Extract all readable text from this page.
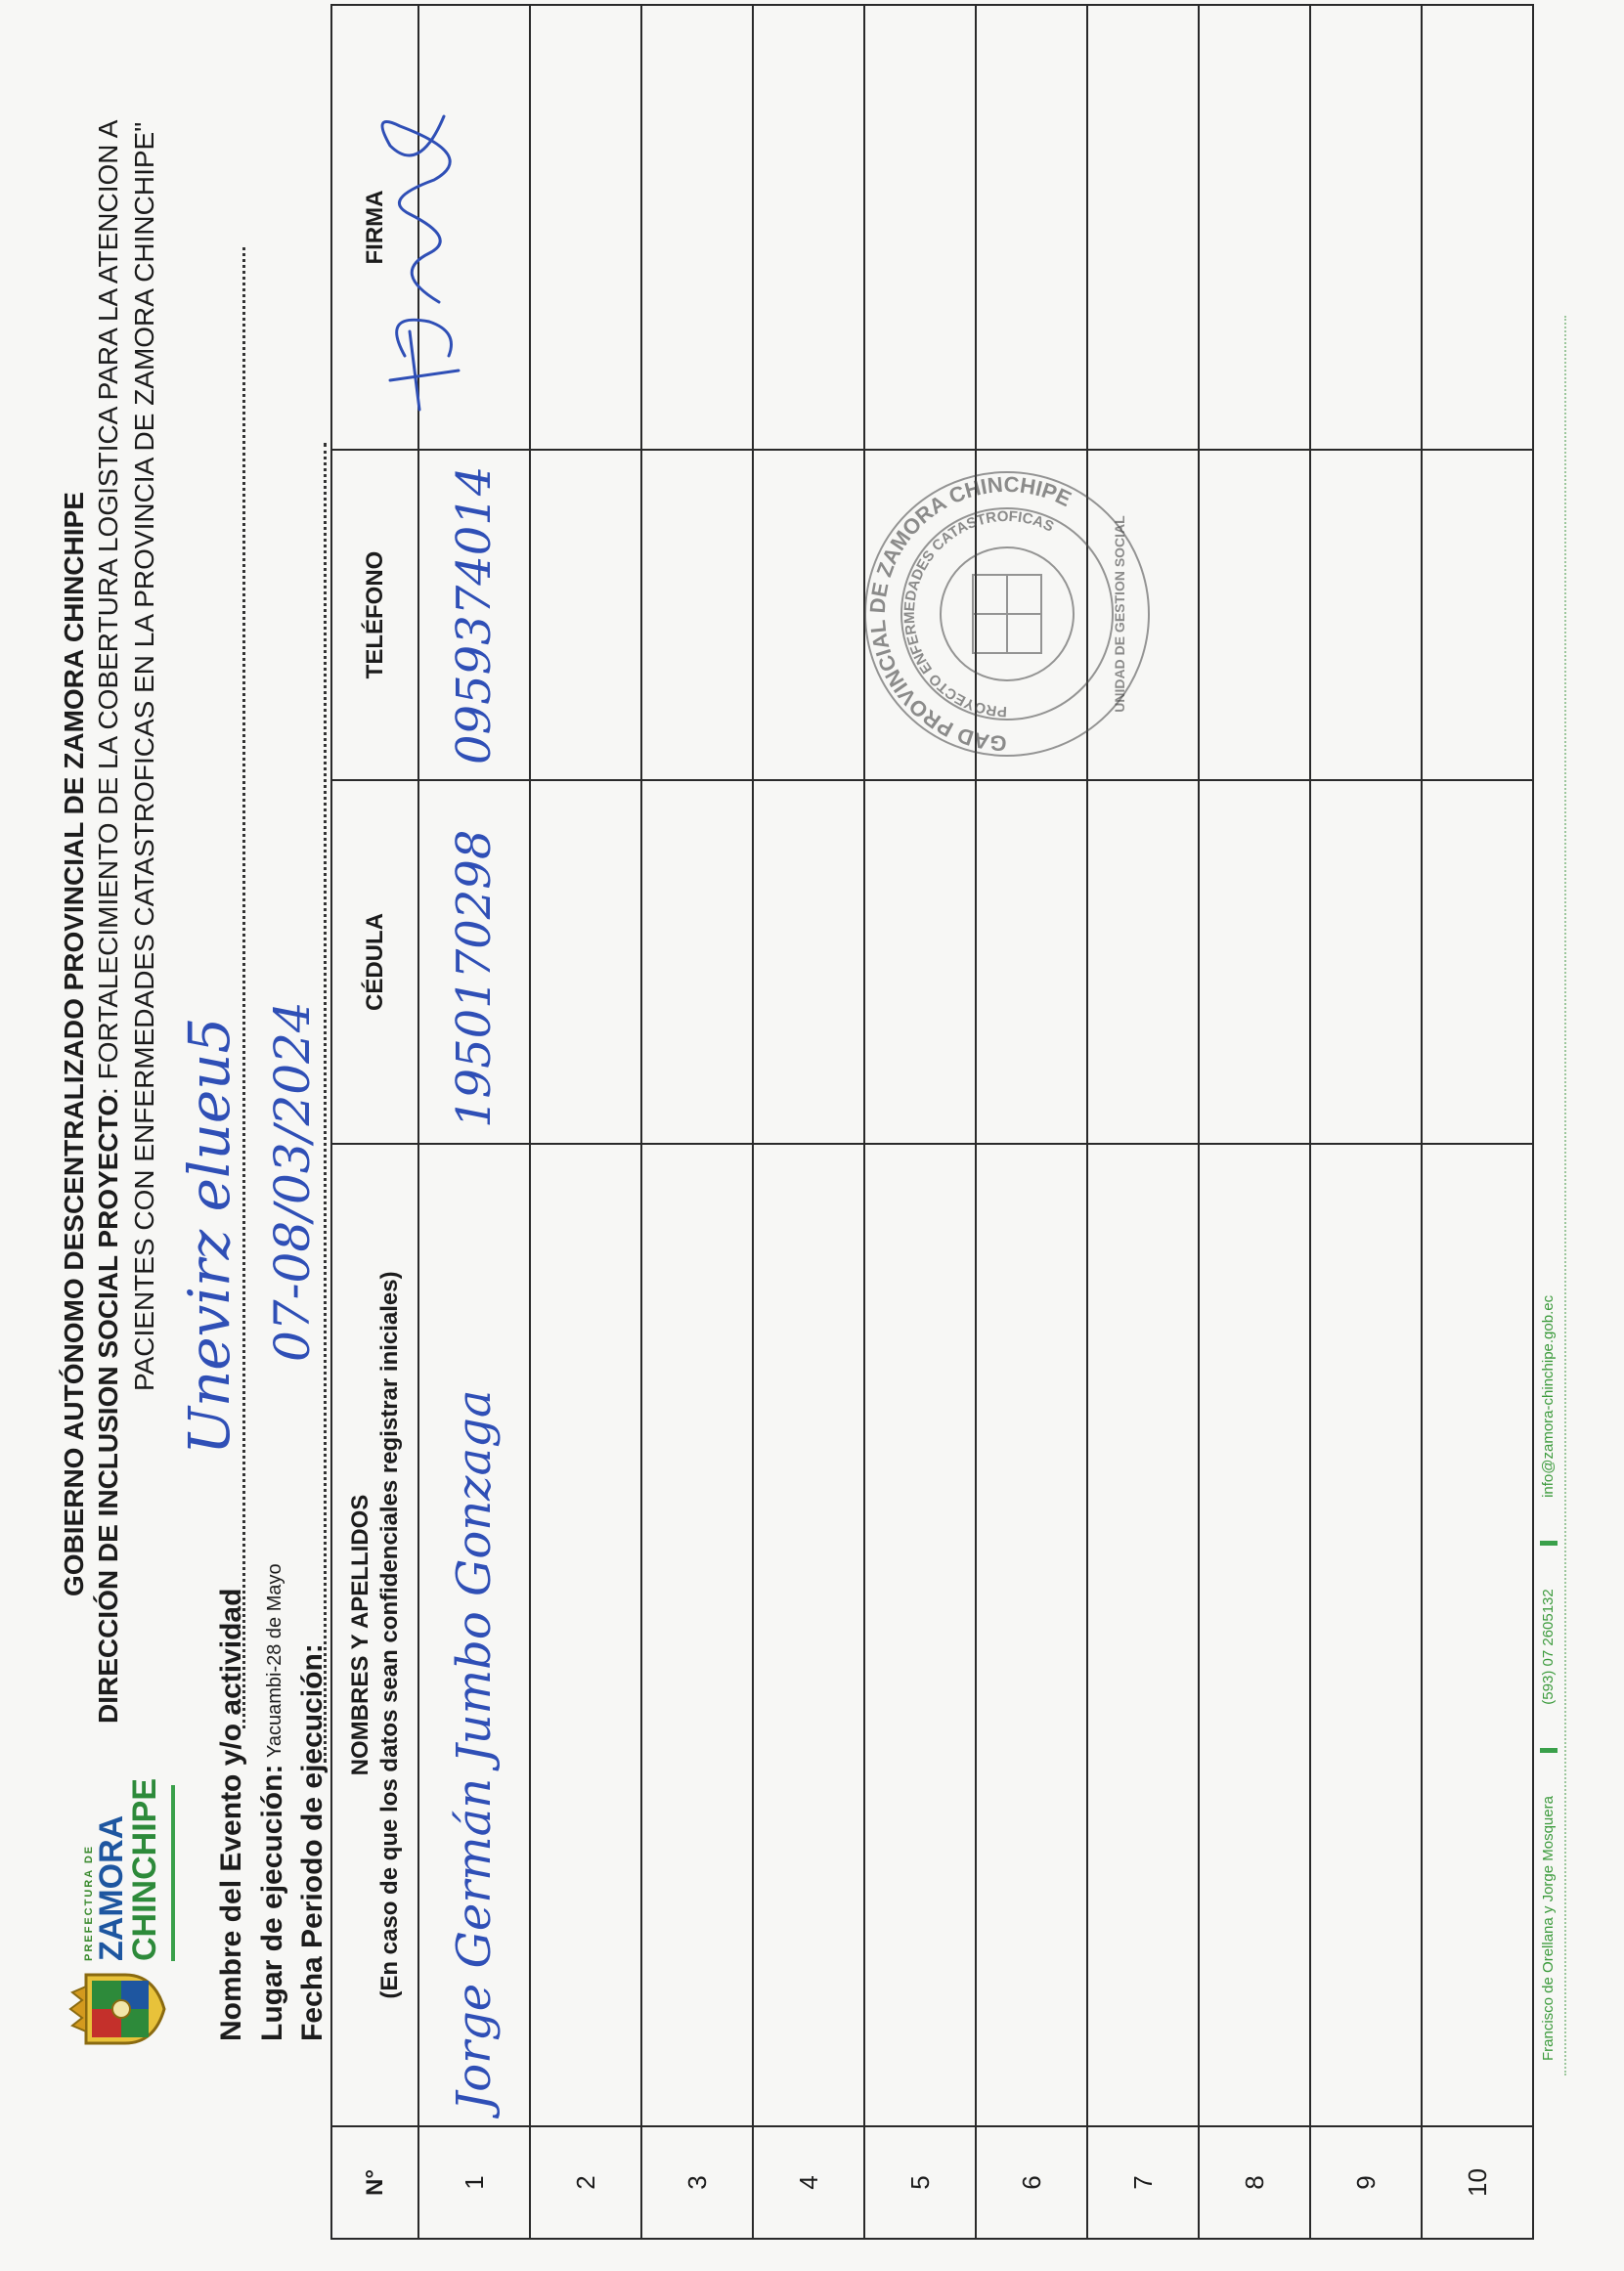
PREFECTURA DE
ZAMORA
CHINCHIPE
GOBIERNO AUTÓNOMO DESCENTRALIZADO PROVINCIAL DE ZAMORA CHINCHIPE DIRECCIÓN DE INCLUSION SOCIAL PROYECTO: FORTALECIMIENTO DE LA COBERTURA LOGISTICA PARA LA ATENCION A PACIENTES CON ENFERMEDADES CATASTROFICAS EN LA PROVINCIA DE ZAMORA CHINCHIPE"
Nombre del Evento y/o actividad
Unevirz elueu5
Lugar de ejecución:
Yacuambi-28 de Mayo Fecha Periodo de ejecución:
07-08/03/2024
N°	NOMBRES Y APELLIDOS (En caso de que los datos sean confidenciales registrar iniciales)	CÉDULA	TELÉFONO	FIRMA
1	Jorge Germán Jumbo Gonzaga	1950170298	0959374014	

2				
3				
4				
5				
6				
7				
8				
9				
10				
GAD PROVINCIAL DE ZAMORA CHINCHIPE
PROYECTO ENFERMEDADES CATASTROFICAS	UNIDAD DE GESTION SOCIAL
Francisco de Orellana y Jorge Mosquera  (593) 07 2605132  info@zamora-chinchipe.gob.ec
